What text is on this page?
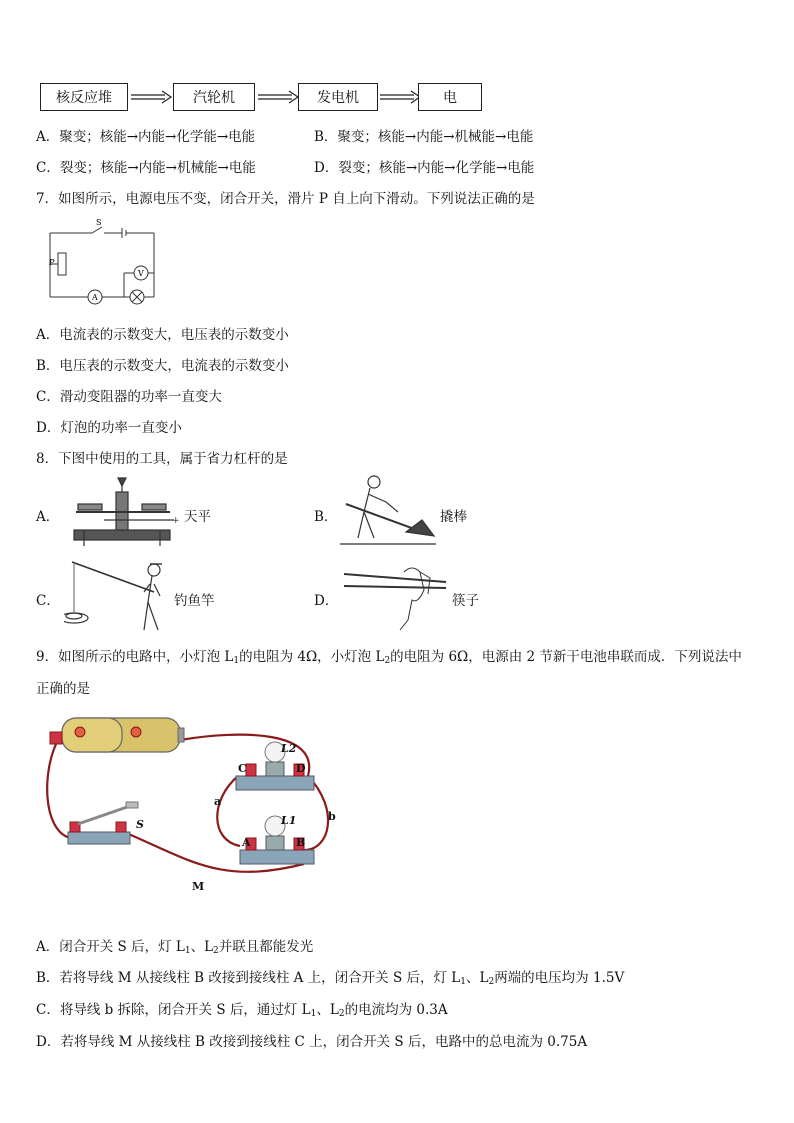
核反应堆	汽轮机	发电机	电
A．聚变；核能→内能→化学能→电能	B．聚变；核能→内能→机械能→电能
C．裂变；核能→内能→机械能→电能	D．裂变；核能→内能→化学能→电能
7．如图所示，电源电压不变，闭合开关，滑片 P 自上向下滑动。下列说法正确的是
S
P
V
A
A．电流表的示数变大，电压表的示数变小
B．电压表的示数变大，电流表的示数变小
C．滑动变阻器的功率一直变大
D．灯泡的功率一直变小
8．下图中使用的工具，属于省力杠杆的是
A．	+ 天平	B．	撬棒
C．	钓鱼竿	D．	筷子
9．如图所示的电路中，小灯泡 $L_1$的电阻为 4Ω，小灯泡 $L_2$的电阻为 6Ω，电源由 2 节新干电池串联而成．下列说法中
正确的是
L2
C	D
a
b
L1
A	B
S
M
A．闭合开关 S 后，灯 $L_1$、$L_2$并联且都能发光
B．若将导线 M 从接线柱 B 改接到接线柱 A 上，闭合开关 S 后，灯 $L_1$、$L_2$两端的电压均为 1.5V
C．将导线 b 拆除，闭合开关 S 后，通过灯 $L_1$、$L_2$的电流均为 0.3A
D．若将导线 M 从接线柱 B 改接到接线柱 C 上，闭合开关 S 后，电路中的总电流为 0.75A
